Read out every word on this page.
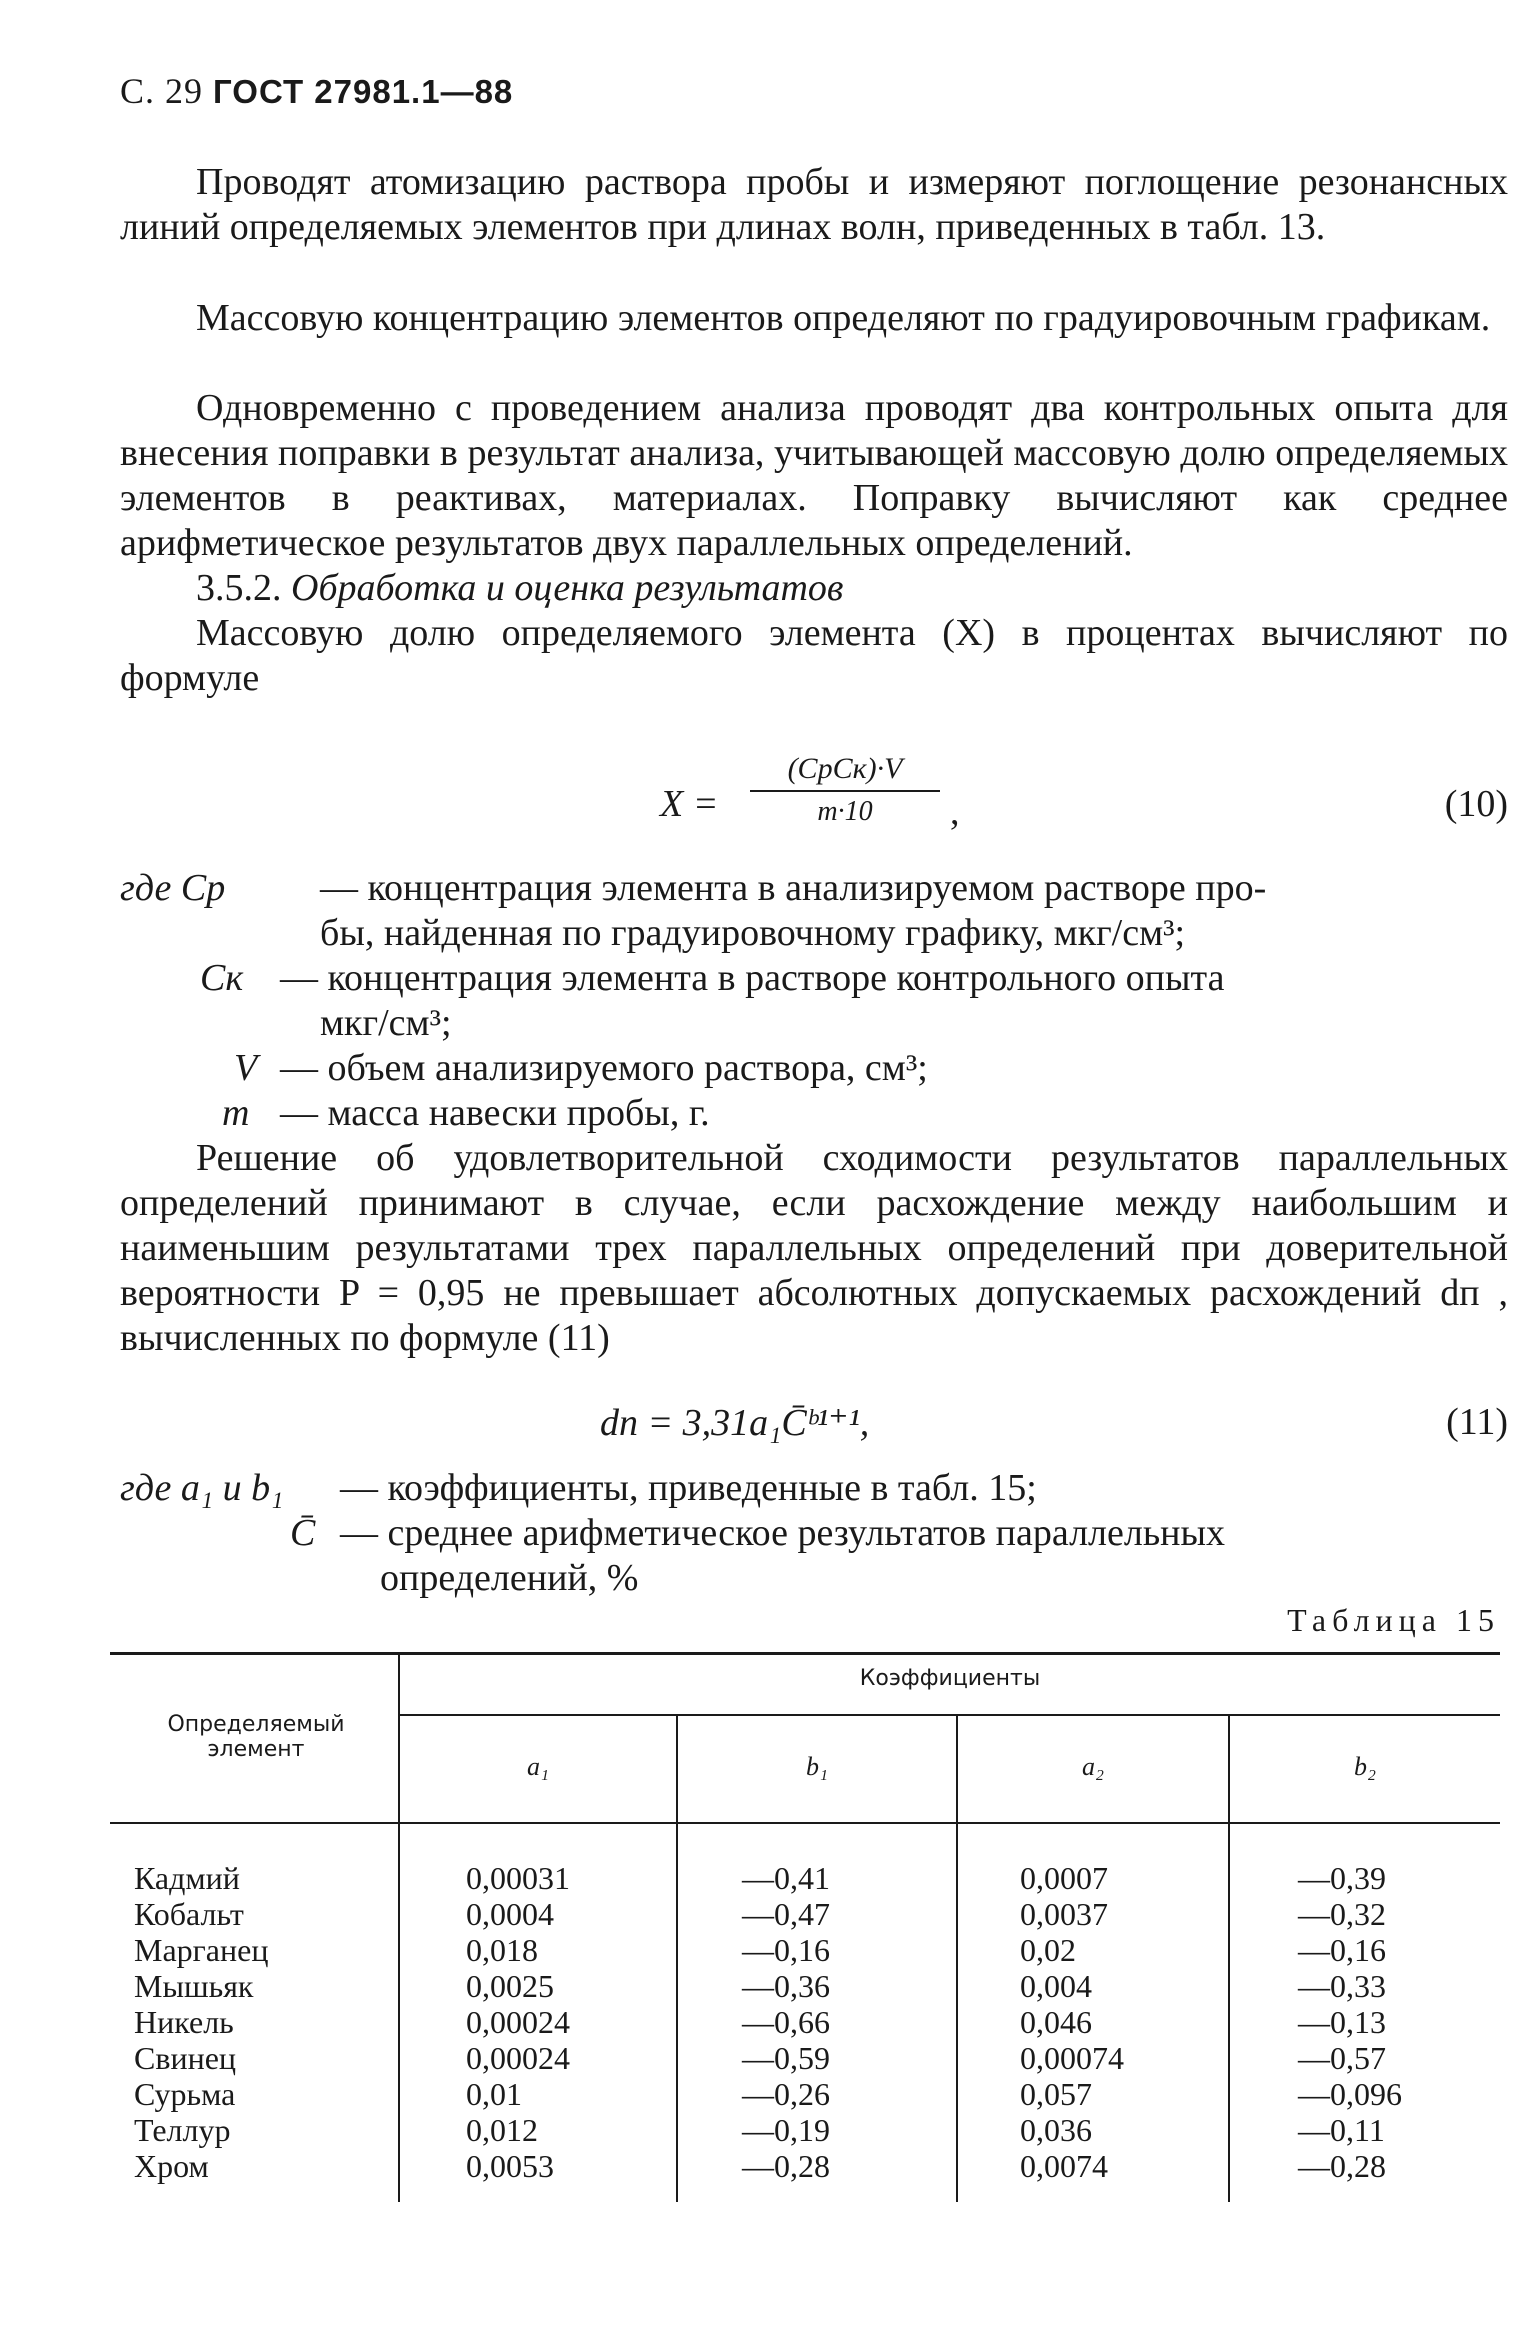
С. 29 ГОСТ 27981.1—88

Проводят атомизацию раствора пробы и измеряют поглощение резонансных линий определяемых элементов при длинах волн, приведенных в табл. 13.

Массовую концентрацию элементов определяют по градуировочным графикам.

Одновременно с проведением анализа проводят два контрольных опыта для внесения поправки в результат анализа, учитывающей массовую долю определяемых элементов в реактивах, материалах. Поправку вычисляют как среднее арифметическое результатов двух параллельных определений.

3.5.2. Обработка и оценка результатов

Массовую долю определяемого элемента (X) в процентах вычисляют по формуле

X =
(CрCк)·V
m·10	,	(10)
где Cр — концентрация элемента в анализируемом растворе про-
бы, найденная по градуировочному графику, мкг/см³;
Cк — концентрация элемента в растворе контрольного опыта
мкг/см³;
V — объем анализируемого раствора, см³;
m — масса навески пробы, г.

Решение об удовлетворительной сходимости результатов параллельных определений принимают в случае, если расхождение между наибольшим и наименьшим результатами трех параллельных определений при доверительной вероятности P = 0,95 не превышает абсолютных допускаемых расхождений dп , вычисленных по формуле (11)

dп = 3,31a₁C̄ᵇ¹⁺¹,	(11)
где a₁ и b₁ — коэффициенты, приведенные в табл. 15;
C̄ — среднее арифметическое результатов параллельных
определений, %
Таблица 15
Определяемый элемент
Коэффициенты
a₁	b₁	a₂	b₂
Кадмий	0,00031	—0,41	0,0007	—0,39
Кобальт	0,0004	—0,47	0,0037	—0,32
Марганец	0,018	—0,16	0,02	—0,16
Мышьяк	0,0025	—0,36	0,004	—0,33
Никель	0,00024	—0,66	0,046	—0,13
Свинец	0,00024	—0,59	0,00074	—0,57
Сурьма	0,01	—0,26	0,057	—0,096
Теллур	0,012	—0,19	0,036	—0,11
Хром	0,0053	—0,28	0,0074	—0,28
